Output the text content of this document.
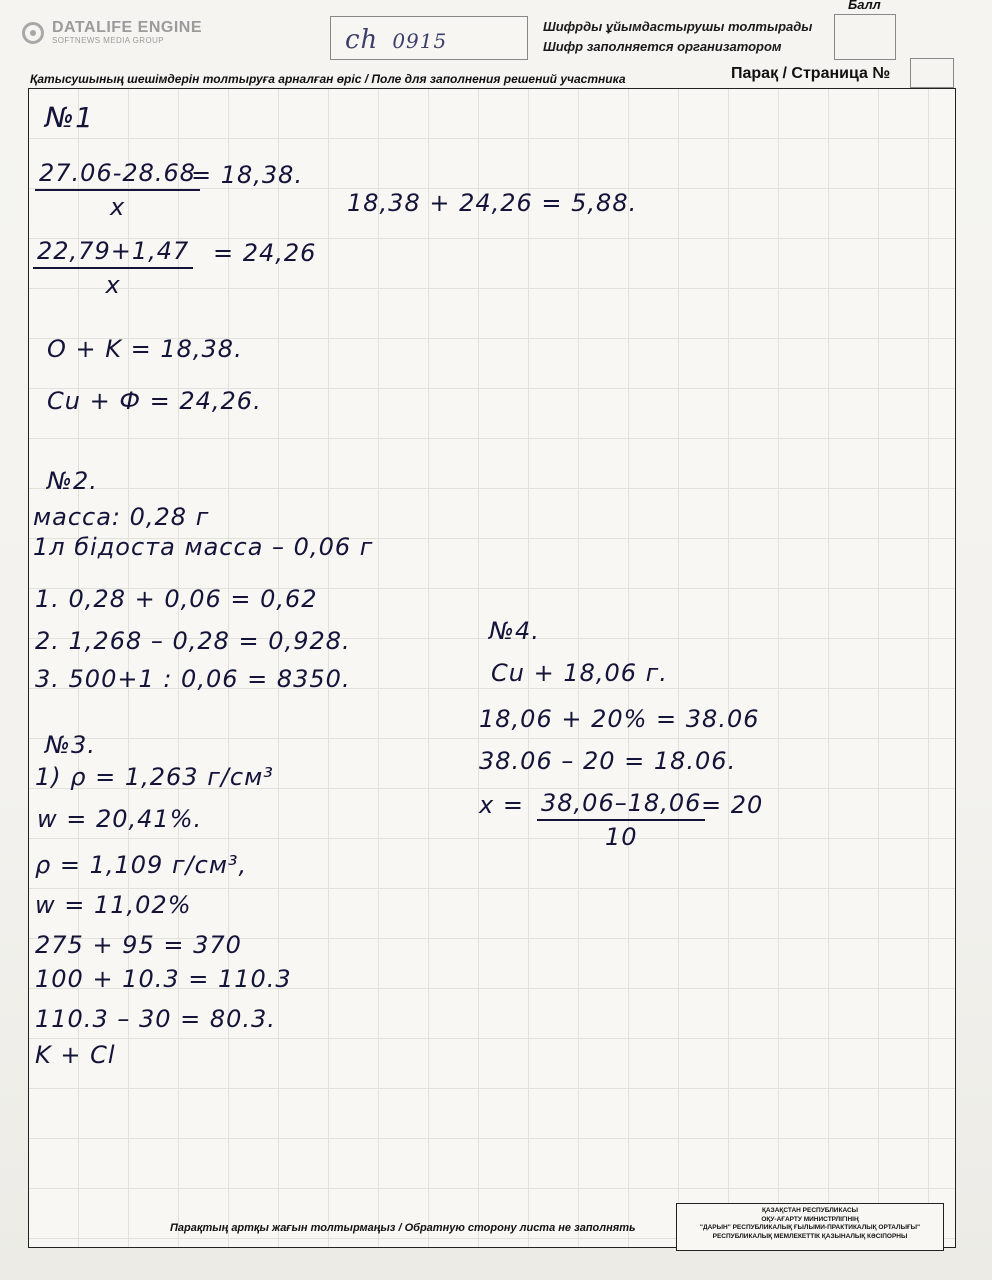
DATALIFE ENGINE
SOFTNEWS MEDIA GROUP	ch 0915
Шифрды ұйымдастырушы толтырады
Шифр заполняется организатором
Балл
Қатысушының шешімдерін толтыруға арналған өріс / Поле для заполнения решений участника	Парақ / Страница №
№1
$\frac{27.06-28.68}{x}$
= 18,38.
18,38 + 24,26 = 5,88.
$\frac{22,79+1,47}{x} = 24,26$
O + K = 18,38.
Cu + Ф = 24,26.
№2.
масса: 0,28 г
1л бідоста масса – 0,06 г
1. 0,28 + 0,06 = 0,62
2. 1,268 – 0,28 = 0,928.
3. 500+1 : 0,06 = 8350.
№3.
1) ρ = 1,263 г/см³
w = 20,41%.
ρ = 1,109 г/см³,
w = 11,02%
275 + 95 = 370
100 + 10.3 = 110.3
110.3 – 30 = 80.3.
K + Cl
№4.
Cu + 18,06 г.
18,06 + 20% = 38.06
38.06 – 20 = 18.06.
$x = \frac{38,06-18,06}{10}$
= 20
Парақтың артқы жағын толтырмаңыз / Обратную сторону листа не заполнять
ҚАЗАҚСТАН РЕСПУБЛИКАСЫ
ОҚУ-АҒАРТУ МИНИСТРЛІГІНІҢ
"ДАРЫН" РЕСПУБЛИКАЛЫҚ ҒЫЛЫМИ-ПРАКТИКАЛЫҚ ОРТАЛЫҒЫ"
РЕСПУБЛИКАЛЫҚ МЕМЛЕКЕТТІК ҚАЗЫНАЛЫҚ КӘСІПОРНЫ
